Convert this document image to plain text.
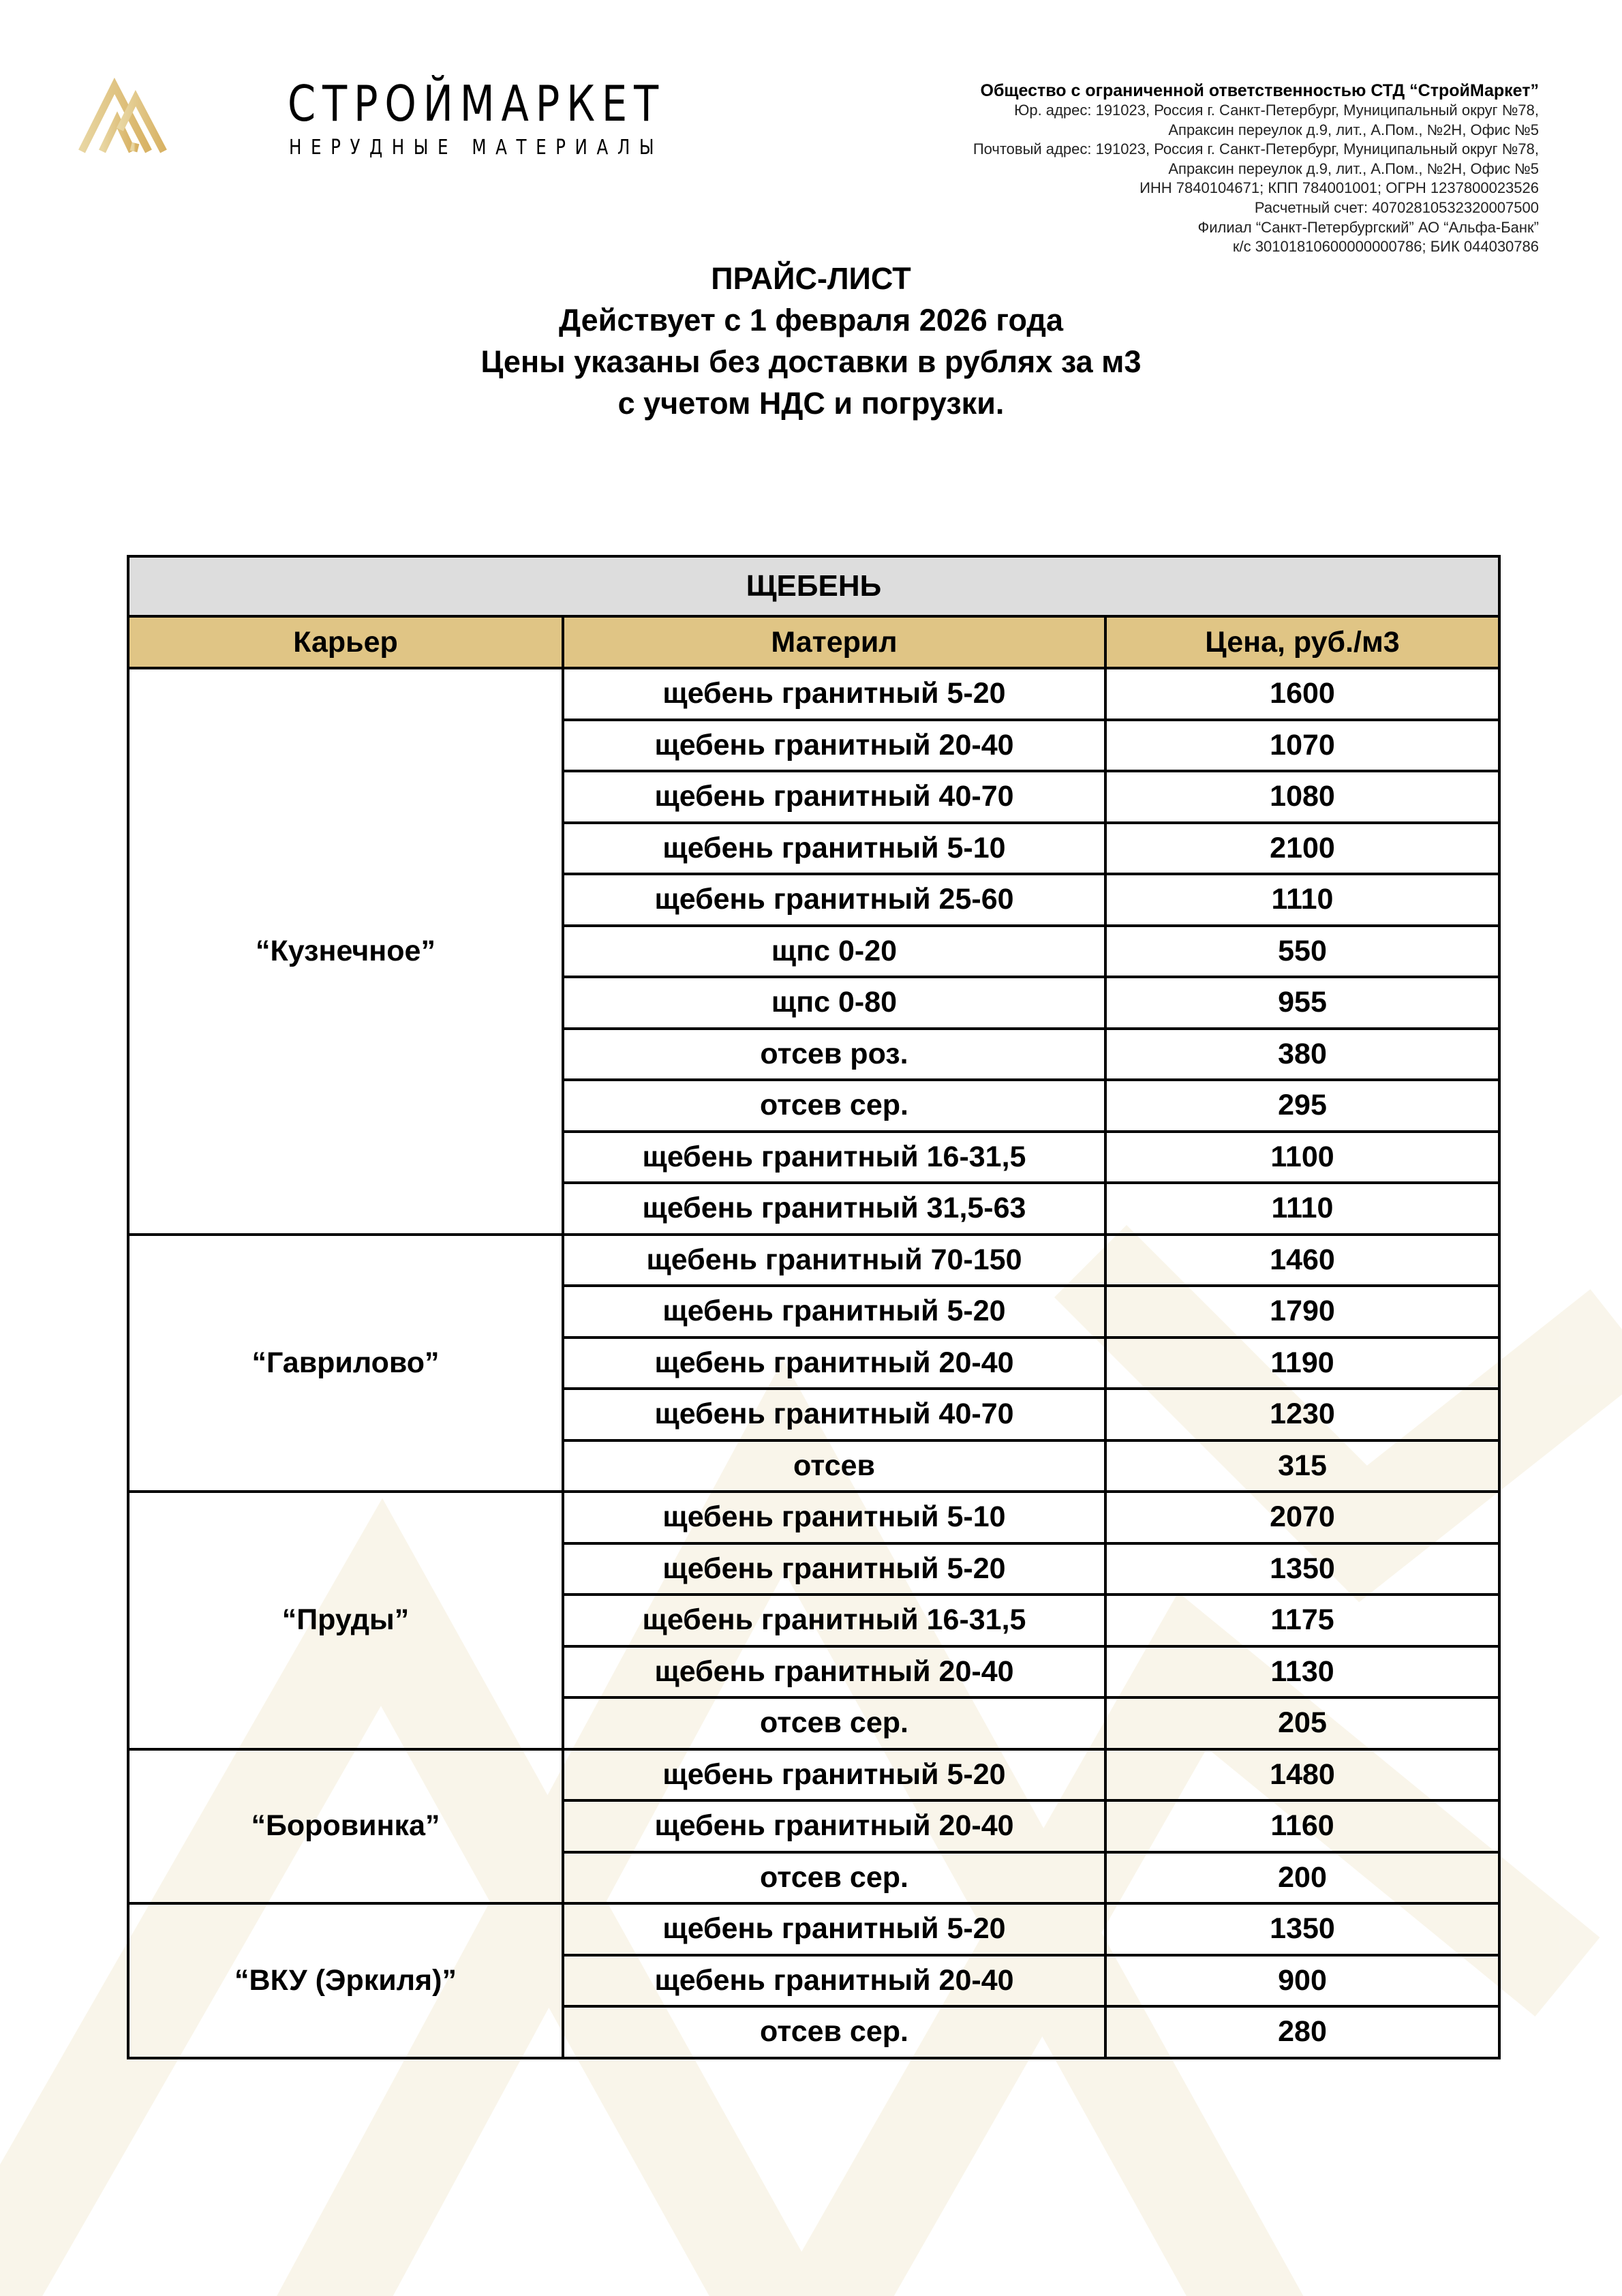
СТРОЙМАРКЕТ
НЕРУДНЫЕ МАТЕРИАЛЫ
Общество с ограниченной ответственностью СТД “СтройМаркет”
Юр. адрес: 191023, Россия г. Санкт-Петербург, Муниципальный округ №78,
Апраксин переулок д.9, лит., А.Пом., №2Н, Офис №5
Почтовый адрес: 191023, Россия г. Санкт-Петербург, Муниципальный округ №78,
Апраксин переулок д.9, лит., А.Пом., №2Н, Офис №5
ИНН 7840104671; КПП 784001001; ОГРН 1237800023526
Расчетный счет: 40702810532320007500
Филиал “Санкт-Петербургский” АО “Альфа-Банк”
к/с 30101810600000000786; БИК 044030786
ПРАЙС-ЛИСТ
Действует с 1 февраля 2026 года
Цены указаны без доставки в рублях за м3
с учетом НДС и погрузки.
ЩЕБЕНЬ		
Карьер	Материл	Цена, руб./м3
“Кузнечное”	щебень гранитный 5-20	1600
	щебень гранитный 20-40	1070
	щебень гранитный 40-70	1080
	щебень гранитный 5-10	2100
	щебень гранитный 25-60	1110
	щпс 0-20	550
	щпс 0-80	955
	отсев роз.	380
	отсев сер.	295
	щебень гранитный 16-31,5	1100
	щебень гранитный 31,5-63	1110
“Гаврилово”	щебень гранитный 70-150	1460
	щебень гранитный 5-20	1790
	щебень гранитный 20-40	1190
	щебень гранитный 40-70	1230
	отсев	315
“Пруды”	щебень гранитный 5-10	2070
	щебень гранитный 5-20	1350
	щебень гранитный 16-31,5	1175
	щебень гранитный 20-40	1130
	отсев сер.	205
“Боровинка”	щебень гранитный 5-20	1480
	щебень гранитный 20-40	1160
	отсев сер.	200
“ВКУ (Эркиля)”	щебень гранитный 5-20	1350
	щебень гранитный 20-40	900
	отсев сер.	280
